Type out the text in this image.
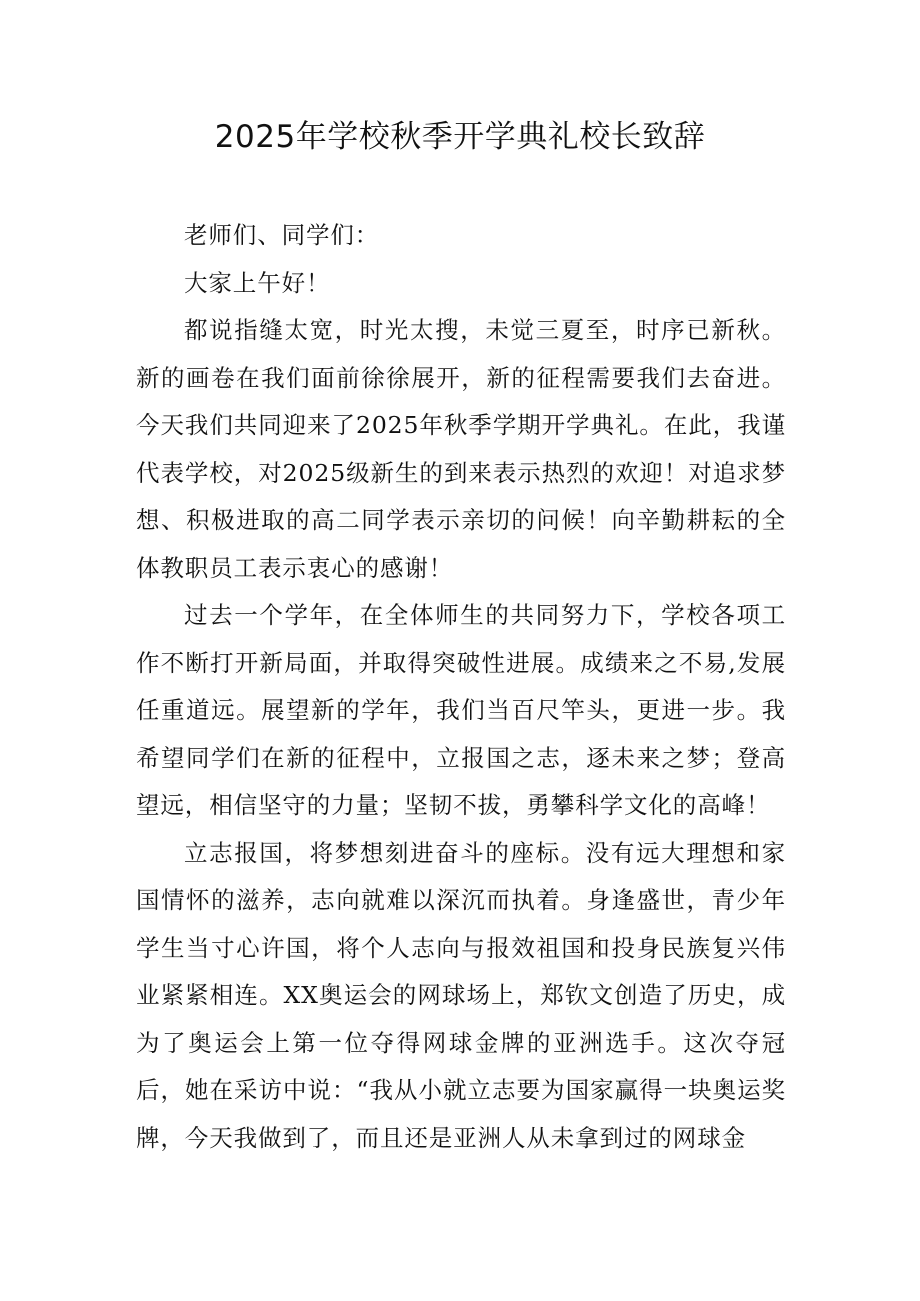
2025年学校秋季开学典礼校长致辞

老师们、同学们：

大家上午好！

都说指缝太宽，时光太搜，未觉三夏至，时序已新秋。新的画卷在我们面前徐徐展开，新的征程需要我们去奋进。今天我们共同迎来了2025年秋季学期开学典礼。在此，我谨代表学校，对2025级新生的到来表示热烈的欢迎！对追求梦想、积极进取的高二同学表示亲切的问候！向辛勤耕耘的全体教职员工表示衷心的感谢！

过去一个学年，在全体师生的共同努力下，学校各项工作不断打开新局面，并取得突破性进展。成绩来之不易,发展任重道远。展望新的学年，我们当百尺竿头，更进一步。我希望同学们在新的征程中，立报国之志，逐未来之梦；登高望远，相信坚守的力量；坚韧不拔，勇攀科学文化的高峰！

立志报国，将梦想刻进奋斗的座标。没有远大理想和家国情怀的滋养，志向就难以深沉而执着。身逢盛世，青少年学生当寸心许国，将个人志向与报效祖国和投身民族复兴伟业紧紧相连。XX奥运会的网球场上，郑钦文创造了历史，成为了奥运会上第一位夺得网球金牌的亚洲选手。这次夺冠后，她在采访中说：“我从小就立志要为国家赢得一块奥运奖牌，今天我做到了，而且还是亚洲人从未拿到过的网球金
